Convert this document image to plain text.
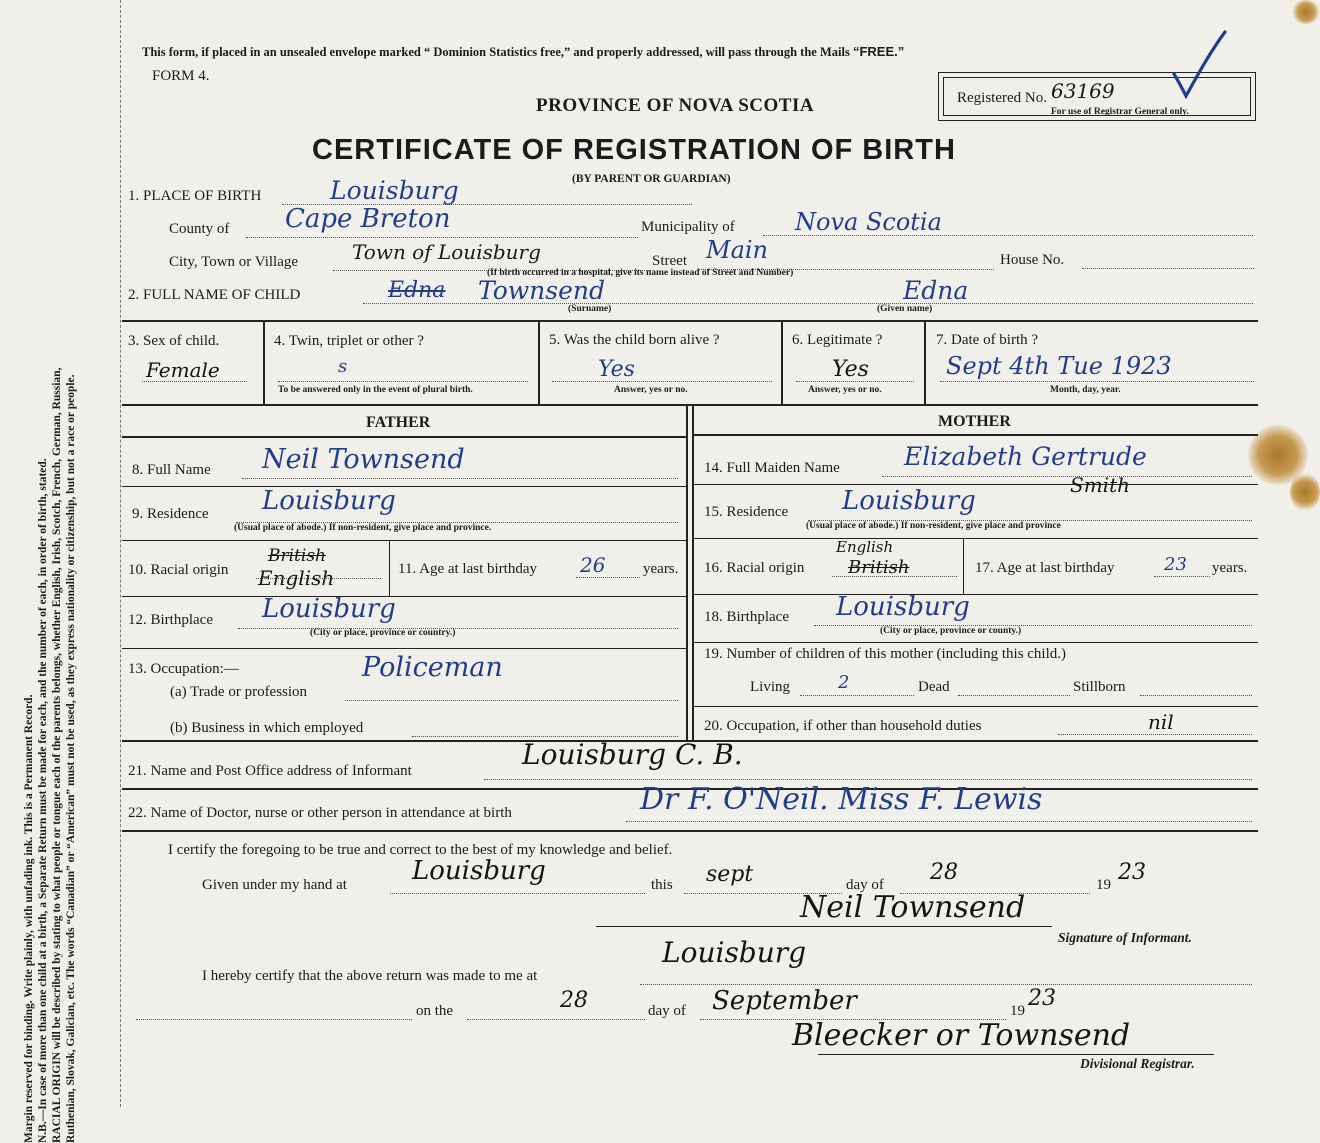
Margin reserved for binding. Write plainly, with unfading ink. This is a Permanent Record. N.B.—In case of more than one child at a birth, a Separate Return must be made for each, and the number of each, in order of birth, stated. RACIAL ORIGIN will be described by stating to what people or tongue each of the parents belongs, whether English, Irish, Scotch, French, German, Russian, Ruthenian, Slovak, Galician, etc. The words “Canadian” or “American” must not be used, as they express nationality or citizenship, but not a race or people.
This form, if placed in an unsealed envelope marked “ Dominion Statistics free,” and properly addressed, will pass through the Mails “FREE.”
FORM 4.
PROVINCE OF NOVA SCOTIA
CERTIFICATE OF REGISTRATION OF BIRTH
(BY PARENT OR GUARDIAN)
Registered No. 63169
For use of Registrar General only.
1. PLACE OF BIRTH	Louisburg
County of Cape Breton	Municipality of	Nova Scotia
City, Town or Village	Town of Louisburg	Street Main	House No.
(If birth occurred in a hospital, give its name instead of Street and Number)
2. FULL NAME OF CHILD	Edna Townsend	Edna
(Surname)	(Given name)
3. Sex of child.
Female
4. Twin, triplet or other ?
s
To be answered only in the event of plural birth.
5. Was the child born alive ?
Yes
Answer, yes or no.
6. Legitimate ?
Yes
Answer, yes or no.
7. Date of birth ?
Sept 4th Tue 1923
Month, day, year.
FATHER	MOTHER
8. Full Name Neil Townsend
9. Residence Louisburg
(Usual place of abode.) If non-resident, give place and province.
10. Racial origin
British
English	11. Age at last birthday 26	years.
12. Birthplace Louisburg
(City or place, province or country.)
13. Occupation:—
(a) Trade or profession
Policeman
(b) Business in which employed
14. Full Maiden Name	Elizabeth Gertrude
Smith
15. Residence Louisburg
(Usual place of abode.) If non-resident, give place and province
16. Racial origin
English
British	17. Age at last birthday	23 years.
18. Birthplace Louisburg
(City or place, province or county.)
19. Number of children of this mother (including this child.)
Living	2	Dead	Stillborn
20. Occupation, if other than household duties	nil
21. Name and Post Office address of Informant	Louisburg C. B.
22. Name of Doctor, nurse or other person in attendance at birth	Dr F. O'Neil. Miss F. Lewis
I certify the foregoing to be true and correct to the best of my knowledge and belief.
Given under my hand at	Louisburg	this sept	day of 28	19 23
Neil Townsend
Signature of Informant.
I hereby certify that the above return was made to me at
Louisburg
on the	28	day of September	19 23
Bleecker or Townsend
Divisional Registrar.
